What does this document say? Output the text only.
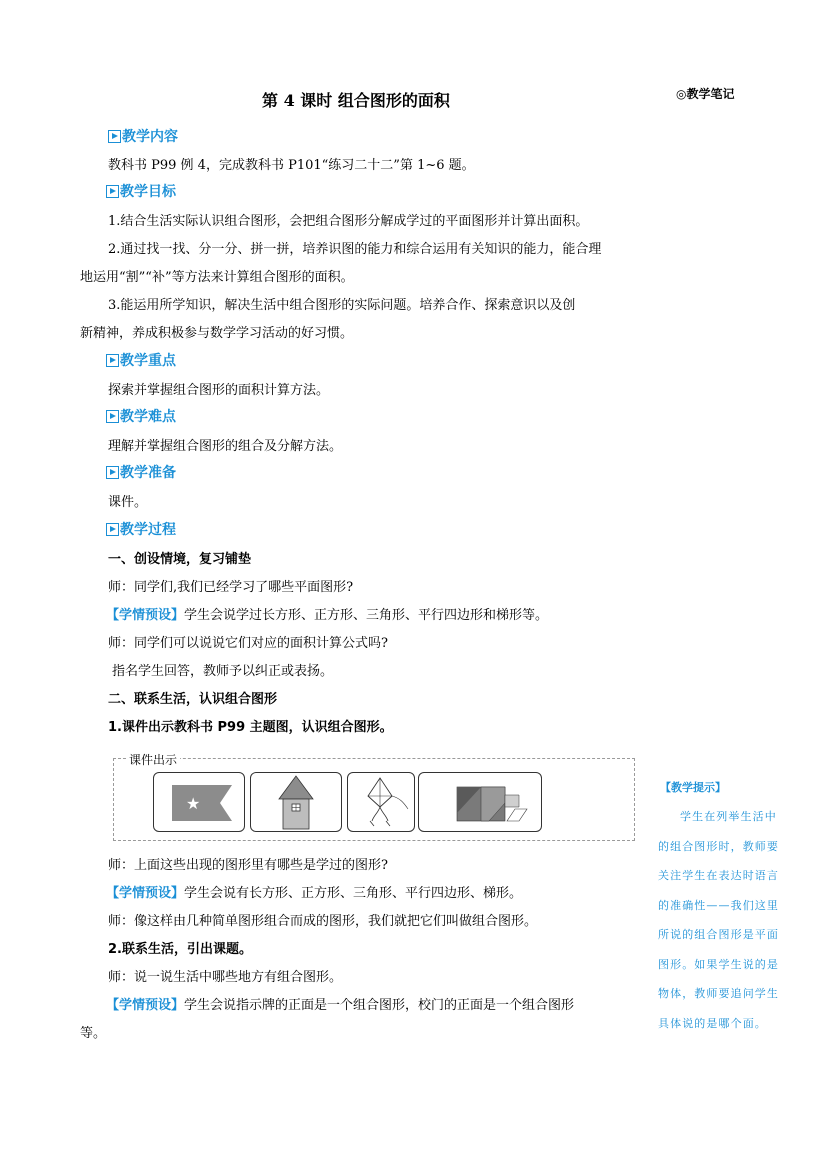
第 4 课时 组合图形的面积	◎教学笔记
教学内容
教科书 P99 例 4，完成教科书 P101“练习二十二”第 1~6 题。
教学目标
1.结合生活实际认识组合图形，会把组合图形分解成学过的平面图形并计算出面积。
2.通过找一找、分一分、拼一拼，培养识图的能力和综合运用有关知识的能力，能合理
地运用“割”“补”等方法来计算组合图形的面积。
3.能运用所学知识，解决生活中组合图形的实际问题。培养合作、探索意识以及创
新精神，养成积极参与数学学习活动的好习惯。
教学重点
探索并掌握组合图形的面积计算方法。
教学难点
理解并掌握组合图形的组合及分解方法。
教学准备
课件。
教学过程
一、创设情境，复习铺垫
师：同学们,我们已经学习了哪些平面图形?
【学情预设】学生会说学过长方形、正方形、三角形、平行四边形和梯形等。
师：同学们可以说说它们对应的面积计算公式吗?
指名学生回答，教师予以纠正或表扬。
二、联系生活，认识组合图形
1.课件出示教科书 P99 主题图，认识组合图形。
课件出示
★
师：上面这些出现的图形里有哪些是学过的图形?
【学情预设】学生会说有长方形、正方形、三角形、平行四边形、梯形。
师：像这样由几种简单图形组合而成的图形，我们就把它们叫做组合图形。
2.联系生活，引出课题。
师：说一说生活中哪些地方有组合图形。
【学情预设】学生会说指示牌的正面是一个组合图形，校门的正面是一个组合图形
等。
【教学提示】
学生在列举生活中的组合图形时，教师要关注学生在表达时语言的准确性——我们这里所说的组合图形是平面图形。如果学生说的是物体，教师要追问学生具体说的是哪个面。
